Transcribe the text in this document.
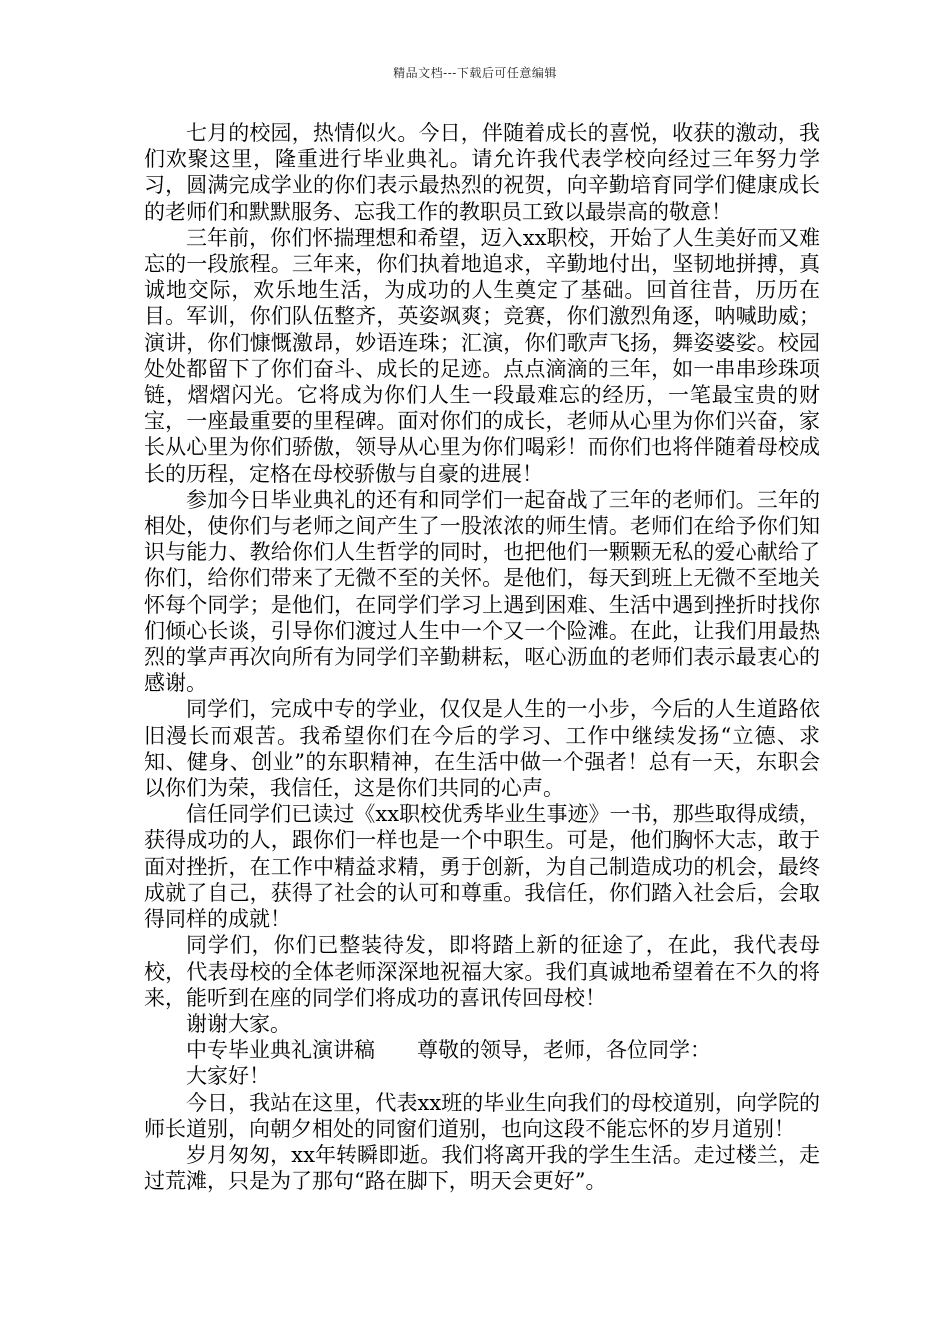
精品文档---下载后可任意编辑

七月的校园，热情似火。今日，伴随着成长的喜悦，收获的激动，我们欢聚这里，隆重进行毕业典礼。请允许我代表学校向经过三年努力学习，圆满完成学业的你们表示最热烈的祝贺，向辛勤培育同学们健康成长的老师们和默默服务、忘我工作的教职员工致以最崇高的敬意！

三年前，你们怀揣理想和希望，迈入xx职校，开始了人生美好而又难忘的一段旅程。三年来，你们执着地追求，辛勤地付出，坚韧地拼搏，真诚地交际，欢乐地生活，为成功的人生奠定了基础。回首往昔，历历在目。军训，你们队伍整齐，英姿飒爽；竞赛，你们激烈角逐，呐喊助威；演讲，你们慷慨激昂，妙语连珠；汇演，你们歌声飞扬，舞姿婆娑。校园处处都留下了你们奋斗、成长的足迹。点点滴滴的三年，如一串串珍珠项链，熠熠闪光。它将成为你们人生一段最难忘的经历，一笔最宝贵的财宝，一座最重要的里程碑。面对你们的成长，老师从心里为你们兴奋，家长从心里为你们骄傲，领导从心里为你们喝彩！而你们也将伴随着母校成长的历程，定格在母校骄傲与自豪的进展！

参加今日毕业典礼的还有和同学们一起奋战了三年的老师们。三年的相处，使你们与老师之间产生了一股浓浓的师生情。老师们在给予你们知识与能力、教给你们人生哲学的同时，也把他们一颗颗无私的爱心献给了你们，给你们带来了无微不至的关怀。是他们，每天到班上无微不至地关怀每个同学；是他们，在同学们学习上遇到困难、生活中遇到挫折时找你们倾心长谈，引导你们渡过人生中一个又一个险滩。在此，让我们用最热烈的掌声再次向所有为同学们辛勤耕耘，呕心沥血的老师们表示最衷心的感谢。

同学们，完成中专的学业，仅仅是人生的一小步，今后的人生道路依旧漫长而艰苦。我希望你们在今后的学习、工作中继续发扬“立德、求知、健身、创业”的东职精神，在生活中做一个强者！总有一天，东职会以你们为荣，我信任，这是你们共同的心声。

信任同学们已读过《xx职校优秀毕业生事迹》一书，那些取得成绩，获得成功的人，跟你们一样也是一个中职生。可是，他们胸怀大志，敢于面对挫折，在工作中精益求精，勇于创新，为自己制造成功的机会，最终成就了自己，获得了社会的认可和尊重。我信任，你们踏入社会后，会取得同样的成就！

同学们，你们已整装待发，即将踏上新的征途了，在此，我代表母校，代表母校的全体老师深深地祝福大家。我们真诚地希望着在不久的将来，能听到在座的同学们将成功的喜讯传回母校！

谢谢大家。

中专毕业典礼演讲稿　　尊敬的领导，老师，各位同学：

大家好！

今日，我站在这里，代表xx班的毕业生向我们的母校道别，向学院的师长道别，向朝夕相处的同窗们道别，也向这段不能忘怀的岁月道别！

岁月匆匆，xx年转瞬即逝。我们将离开我的学生生活。走过楼兰，走过荒滩，只是为了那句“路在脚下，明天会更好”。
